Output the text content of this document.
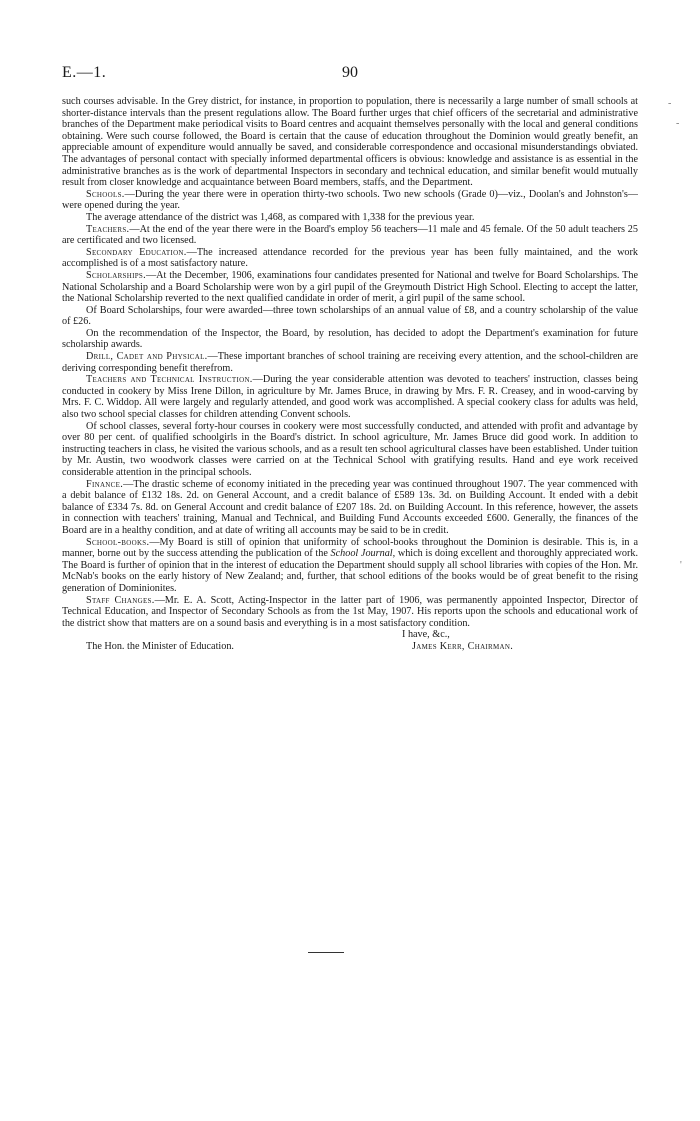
E.—1.	90

such courses advisable. In the Grey district, for instance, in proportion to population, there is necessarily a large number of small schools at shorter-distance intervals than the present regulations allow. The Board further urges that chief officers of the secretarial and administrative branches of the Department make periodical visits to Board centres and acquaint themselves personally with the local and general conditions obtaining. Were such course followed, the Board is certain that the cause of education throughout the Dominion would greatly benefit, an appreciable amount of expenditure would annually be saved, and considerable correspondence and occasional misunderstandings obviated. The advantages of personal contact with specially informed departmental officers is obvious: knowledge and assistance is as essential in the administrative branches as is the work of departmental Inspectors in secondary and technical education, and similar benefit would mutually result from closer knowledge and acquaintance between Board members, staffs, and the Department.

Schools.—During the year there were in operation thirty-two schools. Two new schools (Grade 0)—viz., Doolan's and Johnston's—were opened during the year.

The average attendance of the district was 1,468, as compared with 1,338 for the previous year.

Teachers.—At the end of the year there were in the Board's employ 56 teachers—11 male and 45 female. Of the 50 adult teachers 25 are certificated and two licensed.

Secondary Education.—The increased attendance recorded for the previous year has been fully maintained, and the work accomplished is of a most satisfactory nature.

Scholarships.—At the December, 1906, examinations four candidates presented for National and twelve for Board Scholarships. The National Scholarship and a Board Scholarship were won by a girl pupil of the Greymouth District High School. Electing to accept the latter, the National Scholarship reverted to the next qualified candidate in order of merit, a girl pupil of the same school.

Of Board Scholarships, four were awarded—three town scholarships of an annual value of £8, and a country scholarship of the value of £26.

On the recommendation of the Inspector, the Board, by resolution, has decided to adopt the Department's examination for future scholarship awards.

Drill, Cadet and Physical.—These important branches of school training are receiving every attention, and the school-children are deriving corresponding benefit therefrom.

Teachers and Technical Instruction.—During the year considerable attention was devoted to teachers' instruction, classes being conducted in cookery by Miss Irene Dillon, in agriculture by Mr. James Bruce, in drawing by Mrs. F. R. Creasey, and in wood-carving by Mrs. F. C. Widdop. All were largely and regularly attended, and good work was accomplished. A special cookery class for adults was held, also two school special classes for children attending Convent schools.

Of school classes, several forty-hour courses in cookery were most successfully conducted, and attended with profit and advantage by over 80 per cent. of qualified schoolgirls in the Board's district. In school agriculture, Mr. James Bruce did good work. In addition to instructing teachers in class, he visited the various schools, and as a result ten school agricultural classes have been established. Under tuition by Mr. Austin, two woodwork classes were carried on at the Technical School with gratifying results. Hand and eye work received considerable attention in the principal schools.

Finance.—The drastic scheme of economy initiated in the preceding year was continued throughout 1907. The year commenced with a debit balance of £132 18s. 2d. on General Account, and a credit balance of £589 13s. 3d. on Building Account. It ended with a debit balance of £334 7s. 8d. on General Account and credit balance of £207 18s. 2d. on Building Account. In this reference, however, the assets in connection with teachers' training, Manual and Technical, and Building Fund Accounts exceeded £600. Generally, the finances of the Board are in a healthy condition, and at date of writing all accounts may be said to be in credit.

School-books.—My Board is still of opinion that uniformity of school-books throughout the Dominion is desirable. This is, in a manner, borne out by the success attending the publication of the School Journal, which is doing excellent and thoroughly appreciated work. The Board is further of opinion that in the interest of education the Department should supply all school libraries with copies of the Hon. Mr. McNab's books on the early history of New Zealand; and, further, that school editions of the books would be of great benefit to the rising generation of Dominionites.

Staff Changes.—Mr. E. A. Scott, Acting-Inspector in the latter part of 1906, was permanently appointed Inspector, Director of Technical Education, and Inspector of Secondary Schools as from the 1st May, 1907. His reports upon the schools and educational work of the district show that matters are on a sound basis and everything is in a most satisfactory condition.

I have, &c.,
The Hon. the Minister of Education.	James Kerr, Chairman.
-
-
'
